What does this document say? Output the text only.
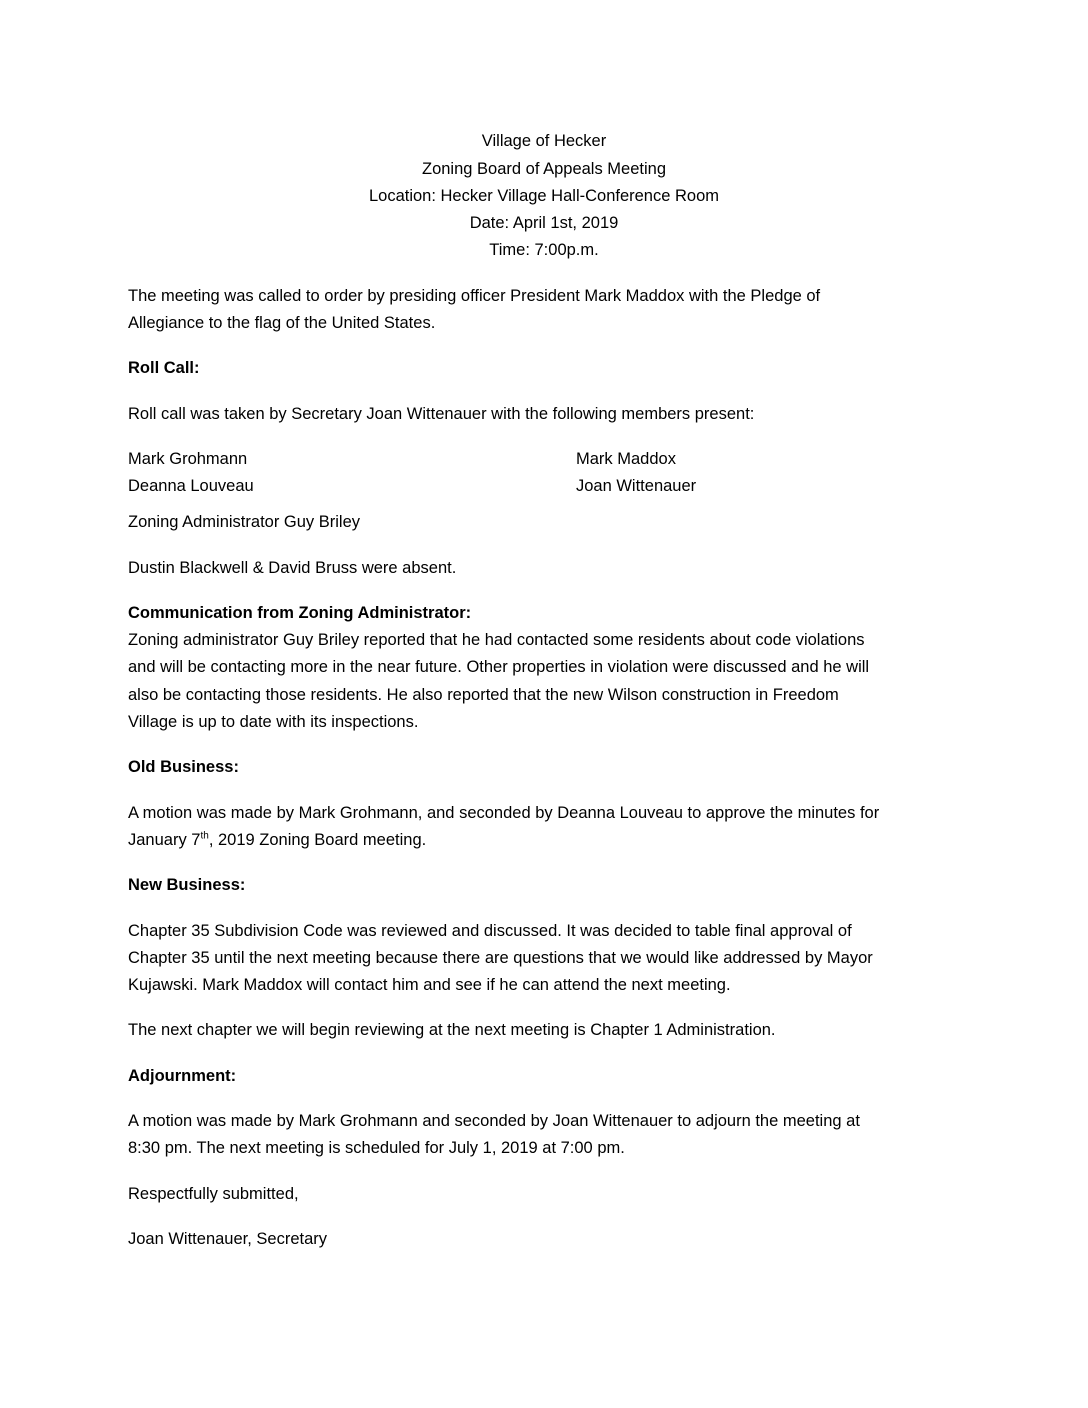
Village of Hecker

Zoning Board of Appeals Meeting

Location: Hecker Village Hall-Conference Room

Date: April 1st, 2019

Time: 7:00p.m.

The meeting was called to order by presiding officer President Mark Maddox with the Pledge of

Allegiance to the flag of the United States.

Roll Call:

Roll call was taken by Secretary Joan Wittenauer with the following members present:

Mark Grohmann	Mark Maddox

Deanna Louveau	Joan Wittenauer

Zoning Administrator Guy Briley

Dustin Blackwell & David Bruss were absent.

Communication from Zoning Administrator:

Zoning administrator Guy Briley reported that he had contacted some residents about code violations

and will be contacting more in the near future. Other properties in violation were discussed and he will

also be contacting those residents. He also reported that the new Wilson construction in Freedom

Village is up to date with its inspections.

Old Business:

A motion was made by Mark Grohmann, and seconded by Deanna Louveau to approve the minutes for

January 7th, 2019 Zoning Board meeting.

New Business:

Chapter 35 Subdivision Code was reviewed and discussed. It was decided to table final approval of

Chapter 35 until the next meeting because there are questions that we would like addressed by Mayor

Kujawski. Mark Maddox will contact him and see if he can attend the next meeting.

The next chapter we will begin reviewing at the next meeting is Chapter 1 Administration.

Adjournment:

A motion was made by Mark Grohmann and seconded by Joan Wittenauer to adjourn the meeting at

8:30 pm. The next meeting is scheduled for July 1, 2019 at 7:00 pm.

Respectfully submitted,

Joan Wittenauer, Secretary
